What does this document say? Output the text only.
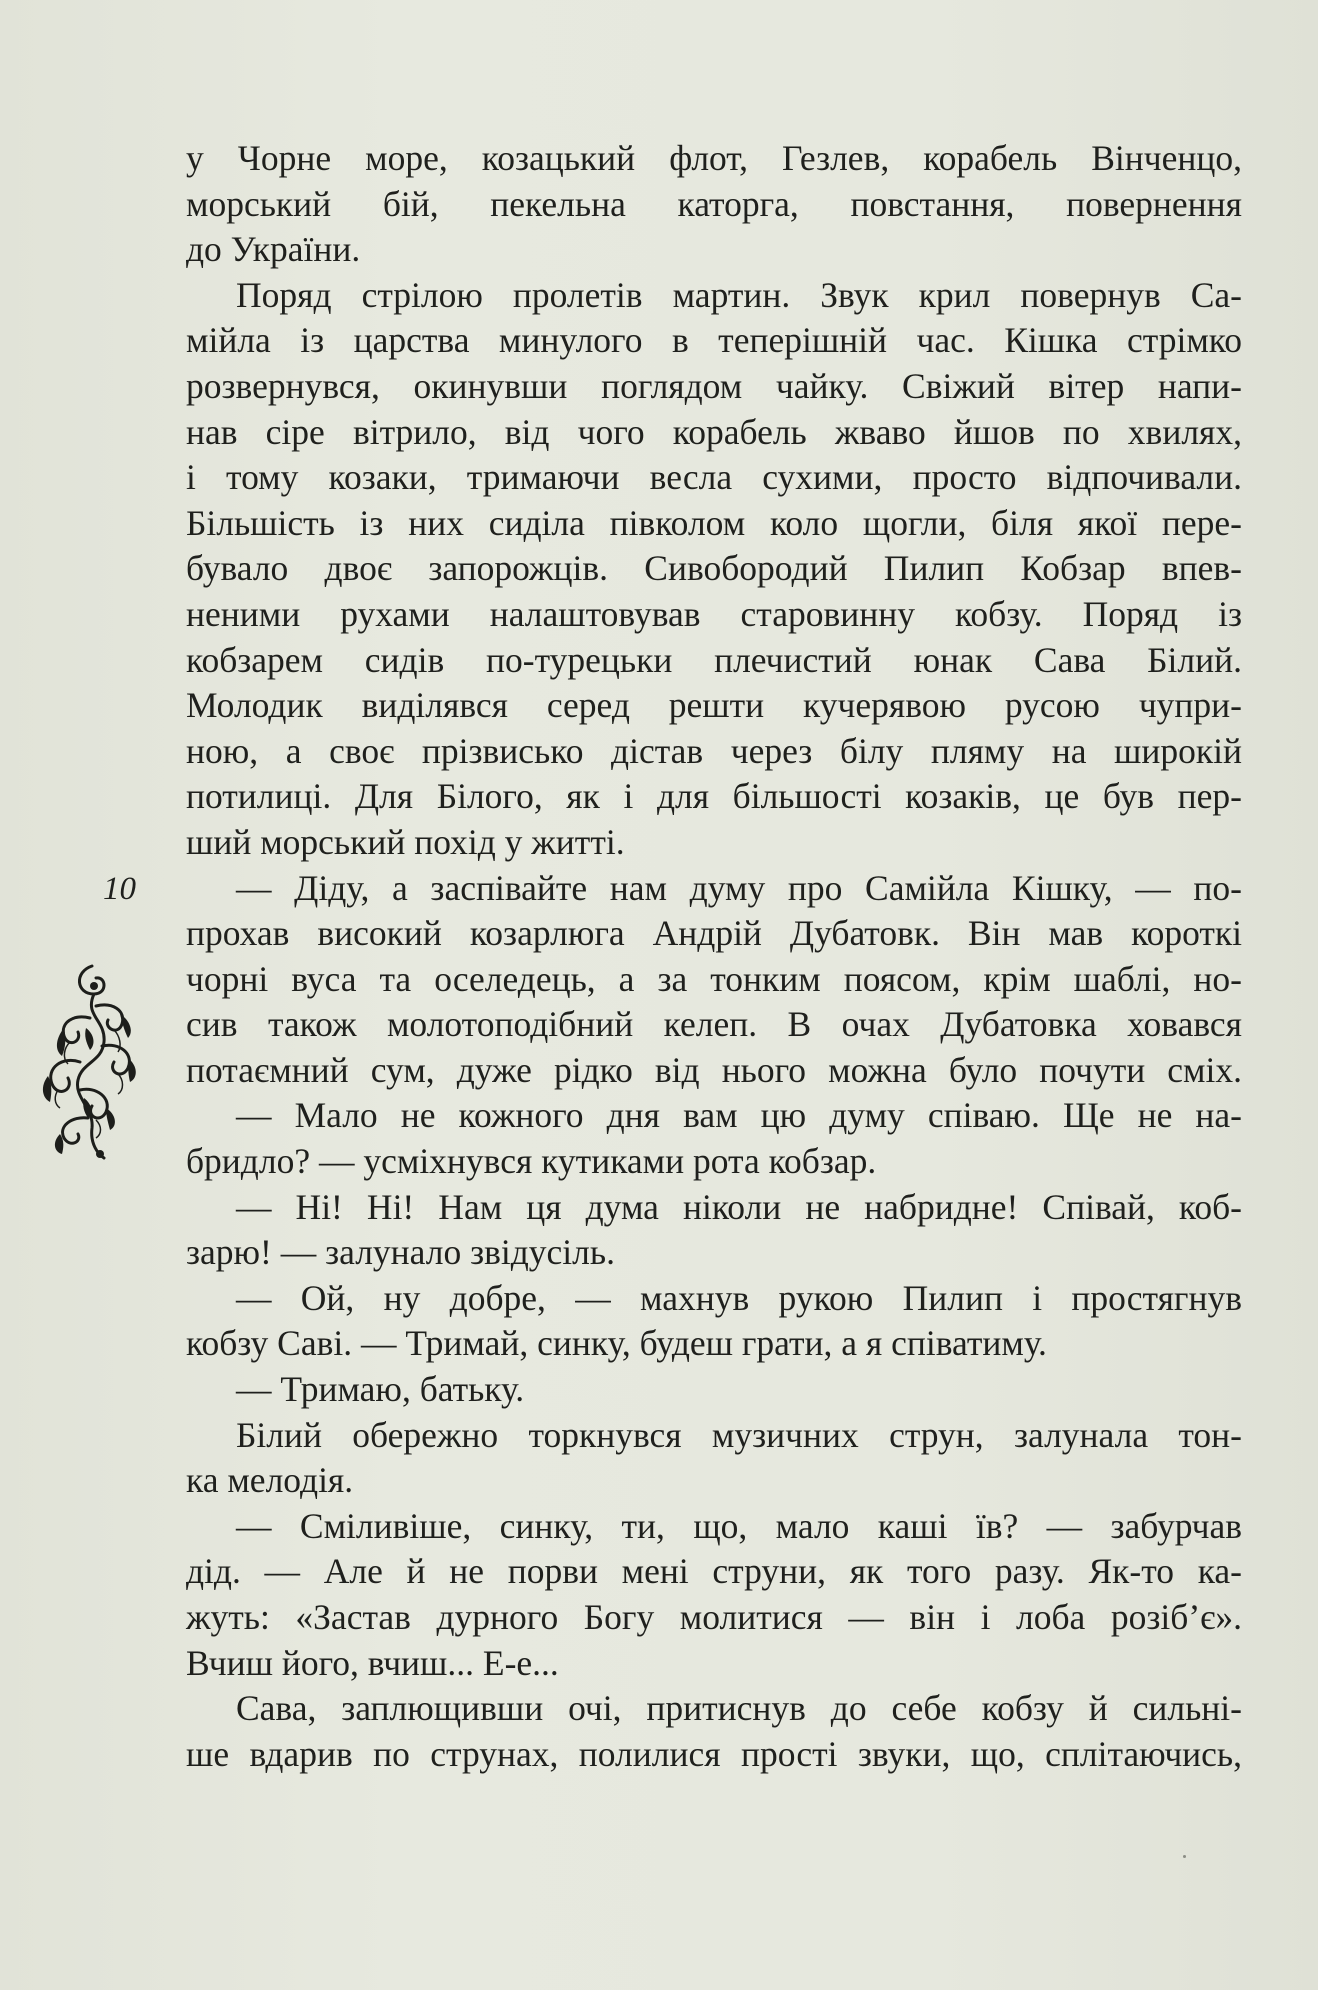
у Чорне море, козацький флот, Гезлев, корабель Вінченцо,
морський бій, пекельна каторга, повстання, повернення
до України.
Поряд стрілою пролетів мартин. Звук крил повернув Са-
мійла із царства минулого в теперішній час. Кішка стрімко
розвернувся, окинувши поглядом чайку. Свіжий вітер напи-
нав сіре вітрило, від чого корабель жваво йшов по хвилях,
і тому козаки, тримаючи весла сухими, просто відпочивали.
Більшість із них сиділа півколом коло щогли, біля якої пере-
бувало двоє запорожців. Сивобородий Пилип Кобзар впев-
неними рухами налаштовував старовинну кобзу. Поряд із
кобзарем сидів по-турецьки плечистий юнак Сава Білий.
Молодик виділявся серед решти кучерявою русою чупри-
ною, а своє прізвисько дістав через білу пляму на широкій
потилиці. Для Білого, як і для більшості козаків, це був пер-
ший морський похід у житті.
— Діду, а заспівайте нам думу про Самійла Кішку, — по-
прохав високий козарлюга Андрій Дубатовк. Він мав короткі
чорні вуса та оселедець, а за тонким поясом, крім шаблі, но-
сив також молотоподібний келеп. В очах Дубатовка ховався
потаємний сум, дуже рідко від нього можна було почути сміх.
— Мало не кожного дня вам цю думу співаю. Ще не на-
бридло? — усміхнувся кутиками рота кобзар.
— Ні! Ні! Нам ця дума ніколи не набридне! Співай, коб-
зарю! — залунало звідусіль.
— Ой, ну добре, — махнув рукою Пилип і простягнув
кобзу Саві. — Тримай, синку, будеш грати, а я співатиму.
— Тримаю, батьку.
Білий обережно торкнувся музичних струн, залунала тон-
ка мелодія.
— Сміливіше, синку, ти, що, мало каші їв? — забурчав
дід. — Але й не порви мені струни, як того разу. Як-то ка-
жуть: «Застав дурного Богу молитися — він і лоба розіб’є».
Вчиш його, вчиш... Е-е...
Сава, заплющивши очі, притиснув до себе кобзу й сильні-
ше вдарив по струнах, полилися прості звуки, що, сплітаючись,
10
